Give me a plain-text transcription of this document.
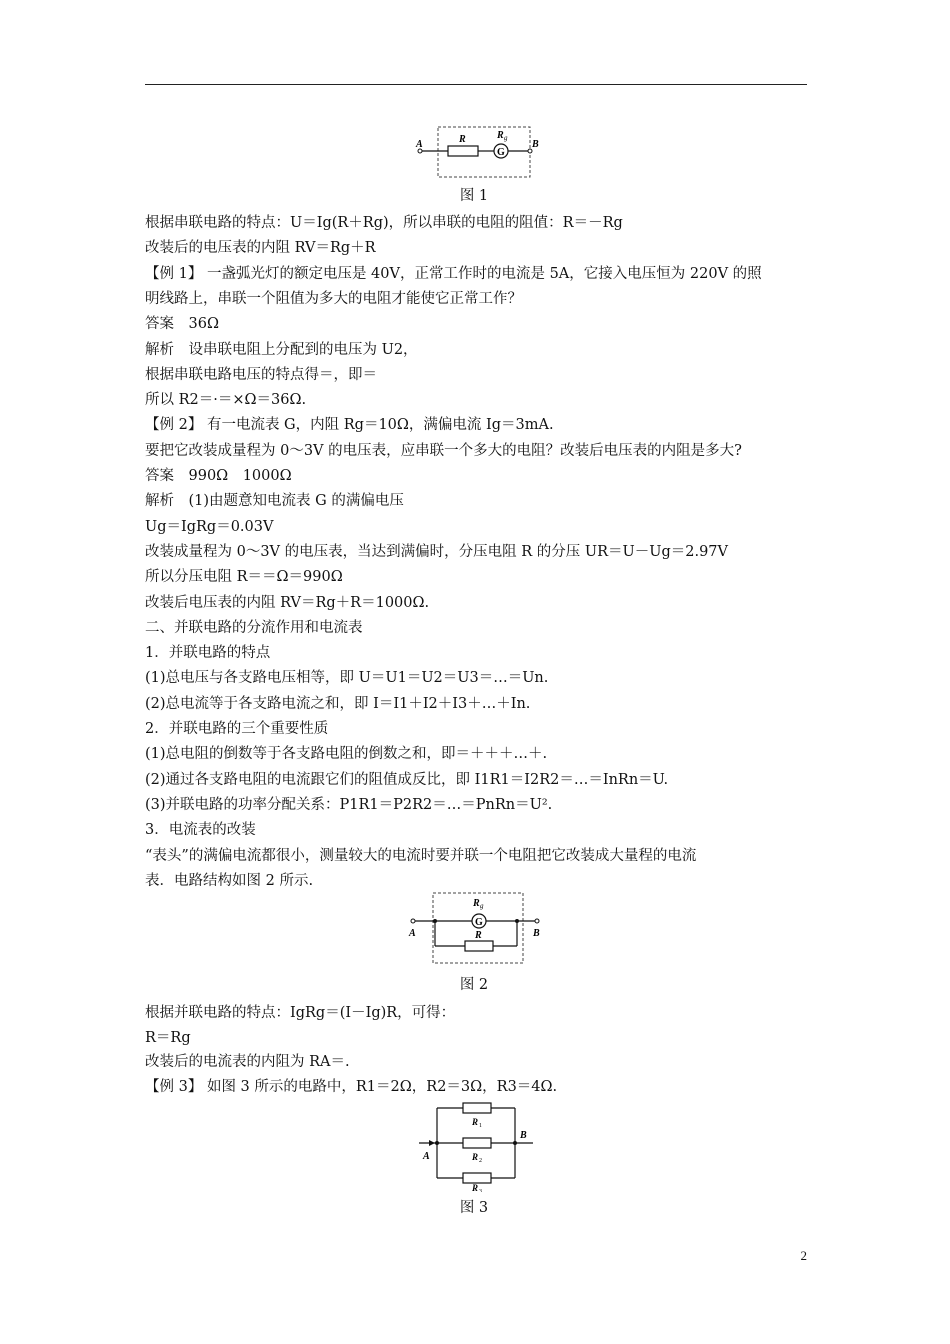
A	B
R	R g
G
图 1
根据串联电路的特点：U＝Ig(R＋Rg)，所以串联的电阻的阻值：R＝－Rg
改装后的电压表的内阻 RV＝Rg＋R
【例 1】 一盏弧光灯的额定电压是 40V，正常工作时的电流是 5A，它接入电压恒为 220V 的照
明线路上，串联一个阻值为多大的电阻才能使它正常工作？
答案　36Ω
解析　设串联电阻上分配到的电压为 U2，
根据串联电路电压的特点得＝，即＝
所以 R2＝·＝×Ω＝36Ω.
【例 2】 有一电流表 G，内阻 Rg＝10Ω，满偏电流 Ig＝3mA.
要把它改装成量程为 0～3V 的电压表，应串联一个多大的电阻？改装后电压表的内阻是多大?
答案　990Ω　1000Ω
解析　(1)由题意知电流表 G 的满偏电压
Ug＝IgRg＝0.03V
改装成量程为 0～3V 的电压表，当达到满偏时，分压电阻 R 的分压 UR＝U－Ug＝2.97V
所以分压电阻 R＝＝Ω＝990Ω
改装后电压表的内阻 RV＝Rg＋R＝1000Ω.
二、并联电路的分流作用和电流表
1．并联电路的特点
(1)总电压与各支路电压相等，即 U＝U1＝U2＝U3＝…＝Un.
(2)总电流等于各支路电流之和，即 I＝I1＋I2＋I3＋…＋In.
2．并联电路的三个重要性质
(1)总电阻的倒数等于各支路电阻的倒数之和，即＝＋＋＋…＋.
(2)通过各支路电阻的电流跟它们的阻值成反比，即 I1R1＝I2R2＝…＝InRn＝U.
(3)并联电路的功率分配关系：P1R1＝P2R2＝…＝PnRn＝U².
3．电流表的改装
“表头”的满偏电流都很小，测量较大的电流时要并联一个电阻把它改装成大量程的电流
表．电路结构如图 2 所示.
A	B
R g
G
R
图 2
根据并联电路的特点：IgRg＝(I－Ig)R，可得：
R＝Rg
改装后的电流表的内阻为 RA＝.
【例 3】 如图 3 所示的电路中，R1＝2Ω，R2＝3Ω，R3＝4Ω.
A
B
R 1
R 2
R 3
图 3
2
